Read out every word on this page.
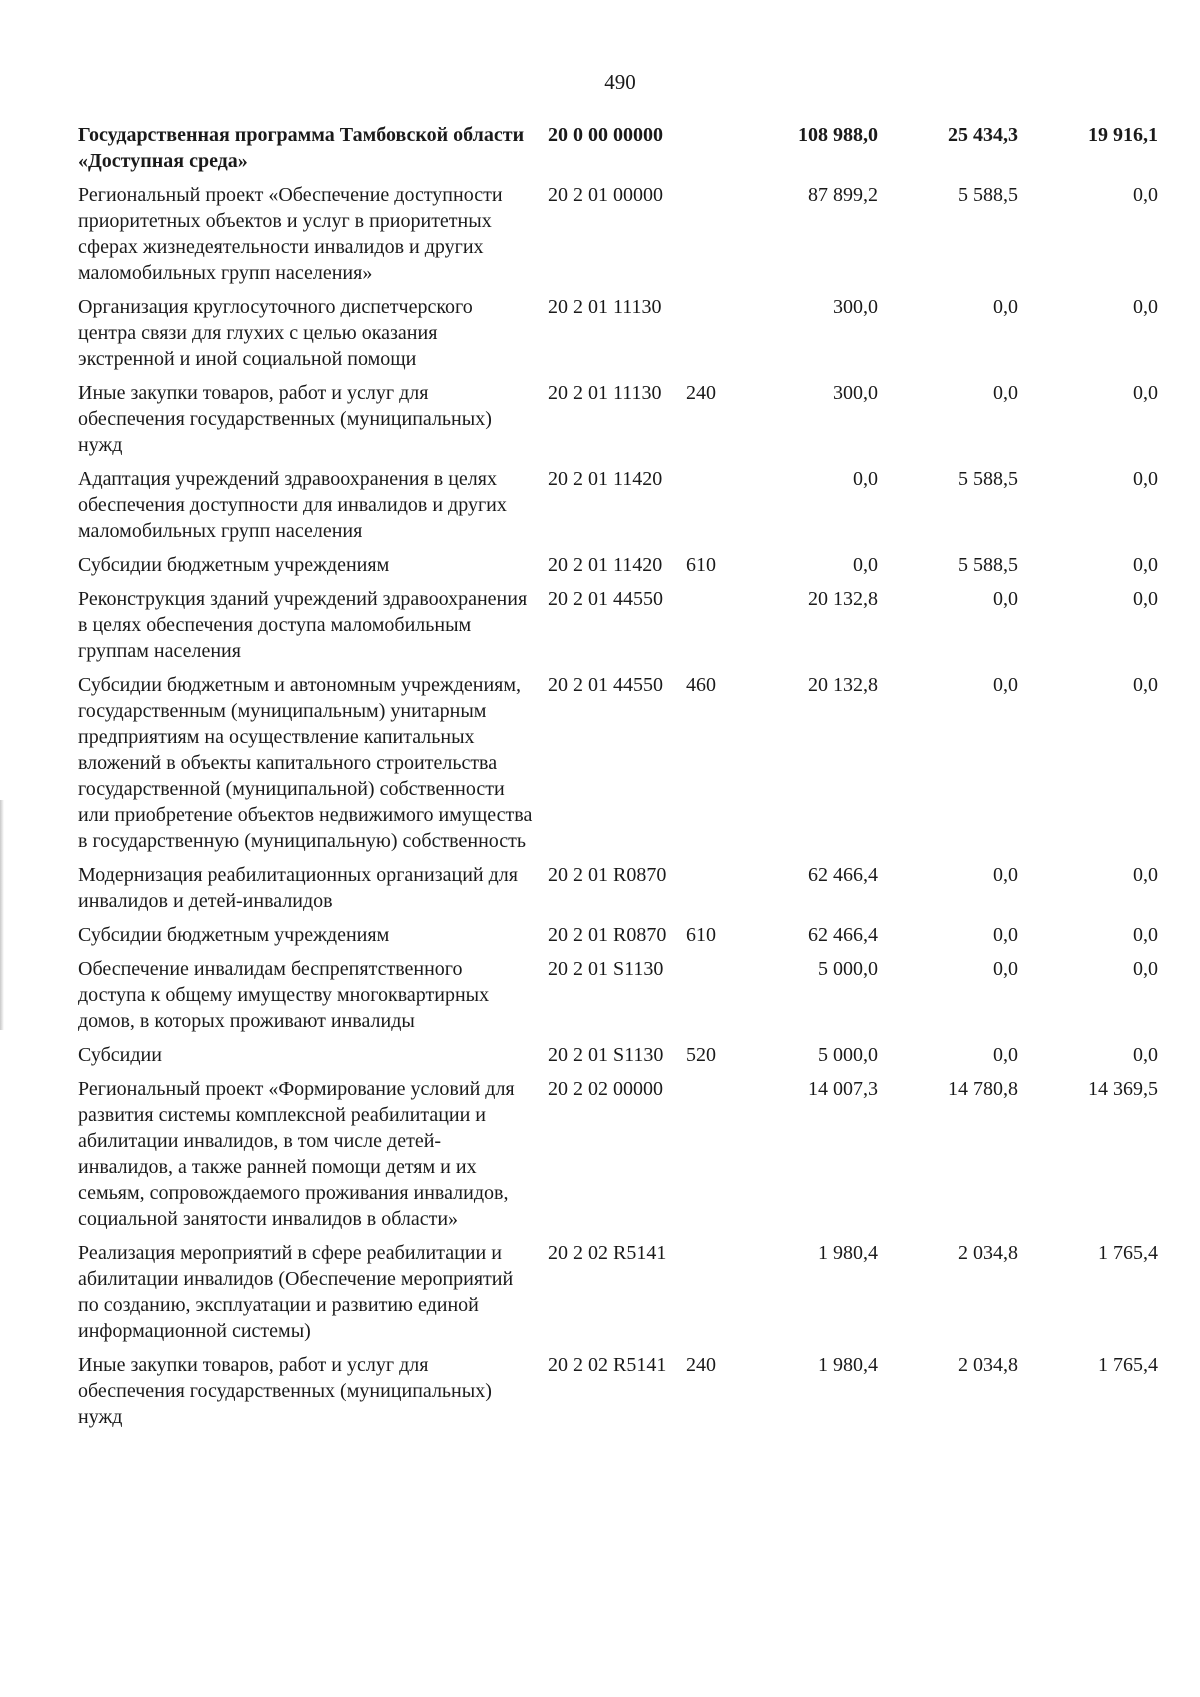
490
Государственная программа Тамбовской области «Доступная среда»	20 0 00 00000		108 988,0	25 434,3	19 916,1
Региональный проект «Обеспечение доступности приоритетных объектов и услуг в приоритетных сферах жизнедеятельности инвалидов и других маломобильных групп населения»	20 2 01 00000		87 899,2	5 588,5	0,0
Организация круглосуточного диспетчерского центра связи для глухих с целью оказания экстренной и иной социальной помощи	20 2 01 11130		300,0	0,0	0,0
Иные закупки товаров, работ и услуг для обеспечения государственных (муниципальных) нужд	20 2 01 11130	240	300,0	0,0	0,0
Адаптация учреждений здравоохранения в целях обеспечения доступности для инвалидов и других маломобильных групп населения	20 2 01 11420		0,0	5 588,5	0,0
Субсидии бюджетным учреждениям	20 2 01 11420	610	0,0	5 588,5	0,0
Реконструкция зданий учреждений здравоохранения в целях обеспечения доступа маломобильным группам населения	20 2 01 44550		20 132,8	0,0	0,0
Субсидии бюджетным и автономным учреждениям, государственным (муниципальным) унитарным предприятиям на осуществление капитальных вложений в объекты капитального строительства государственной (муниципальной) собственности или приобретение объектов недвижимого имущества в государственную (муниципальную) собственность	20 2 01 44550	460	20 132,8	0,0	0,0
Модернизация реабилитационных организаций для инвалидов и детей-инвалидов	20 2 01 R0870		62 466,4	0,0	0,0
Субсидии бюджетным учреждениям	20 2 01 R0870	610	62 466,4	0,0	0,0
Обеспечение инвалидам беспрепятственного доступа к общему имуществу многоквартирных домов, в которых проживают инвалиды	20 2 01 S1130		5 000,0	0,0	0,0
Субсидии	20 2 01 S1130	520	5 000,0	0,0	0,0
Региональный проект «Формирование условий для развития системы комплексной реабилитации и абилитации инвалидов, в том числе детей-инвалидов, а также ранней помощи детям и их семьям, сопровождаемого проживания инвалидов, социальной занятости инвалидов в области»	20 2 02 00000		14 007,3	14 780,8	14 369,5
Реализация мероприятий в сфере реабилитации и абилитации инвалидов (Обеспечение мероприятий по созданию, эксплуатации и развитию единой информационной системы)	20 2 02 R5141		1 980,4	2 034,8	1 765,4
Иные закупки товаров, работ и услуг для обеспечения государственных (муниципальных) нужд	20 2 02 R5141	240	1 980,4	2 034,8	1 765,4
